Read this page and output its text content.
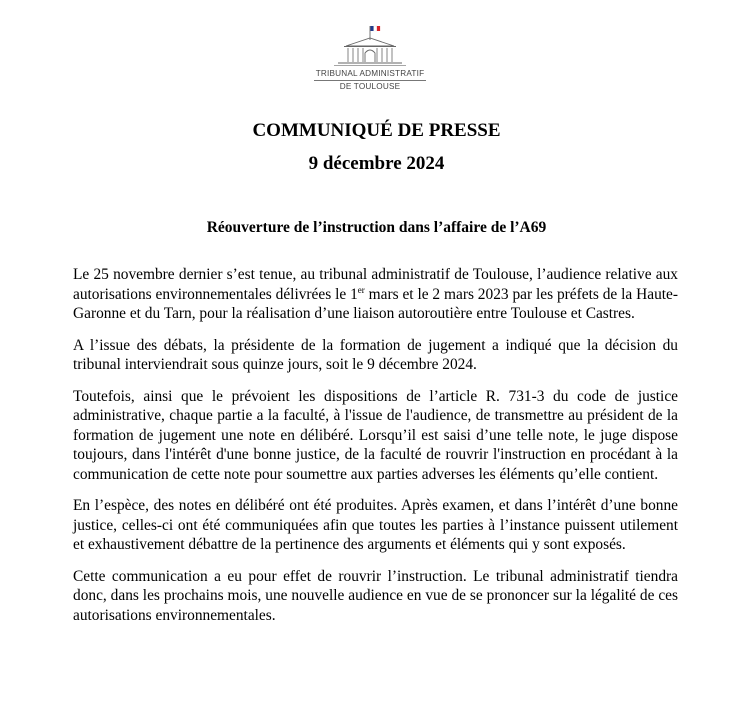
TRIBUNAL ADMINISTRATIF
DE TOULOUSE
COMMUNIQUÉ DE PRESSE
9 décembre 2024
Réouverture de l’instruction dans l’affaire de l’A69

Le 25 novembre dernier s’est tenue, au tribunal administratif de Toulouse, l’audience relative aux autorisations environnementales délivrées le 1er mars et le 2 mars 2023 par les préfets de la Haute-Garonne et du Tarn, pour la réalisation d’une liaison autoroutière entre Toulouse et Castres.

A l’issue des débats, la présidente de la formation de jugement a indiqué que la décision du tribunal interviendrait sous quinze jours, soit le 9 décembre 2024.

Toutefois, ainsi que le prévoient les dispositions de l’article R. 731-3 du code de justice administrative, chaque partie a la faculté, à l'issue de l'audience, de transmettre au président de la formation de jugement une note en délibéré. Lorsqu’il est saisi d’une telle note, le juge dispose toujours, dans l'intérêt d'une bonne justice, de la faculté de rouvrir l'instruction en procédant à la communication de cette note pour soumettre aux parties adverses les éléments qu’elle contient.

En l’espèce, des notes en délibéré ont été produites. Après examen, et dans l’intérêt d’une bonne justice, celles-ci ont été communiquées afin que toutes les parties à l’instance puissent utilement et exhaustivement débattre de la pertinence des arguments et éléments qui y sont exposés.

Cette communication a eu pour effet de rouvrir l’instruction. Le tribunal administratif tiendra donc, dans les prochains mois, une nouvelle audience en vue de se prononcer sur la légalité de ces autorisations environnementales.
